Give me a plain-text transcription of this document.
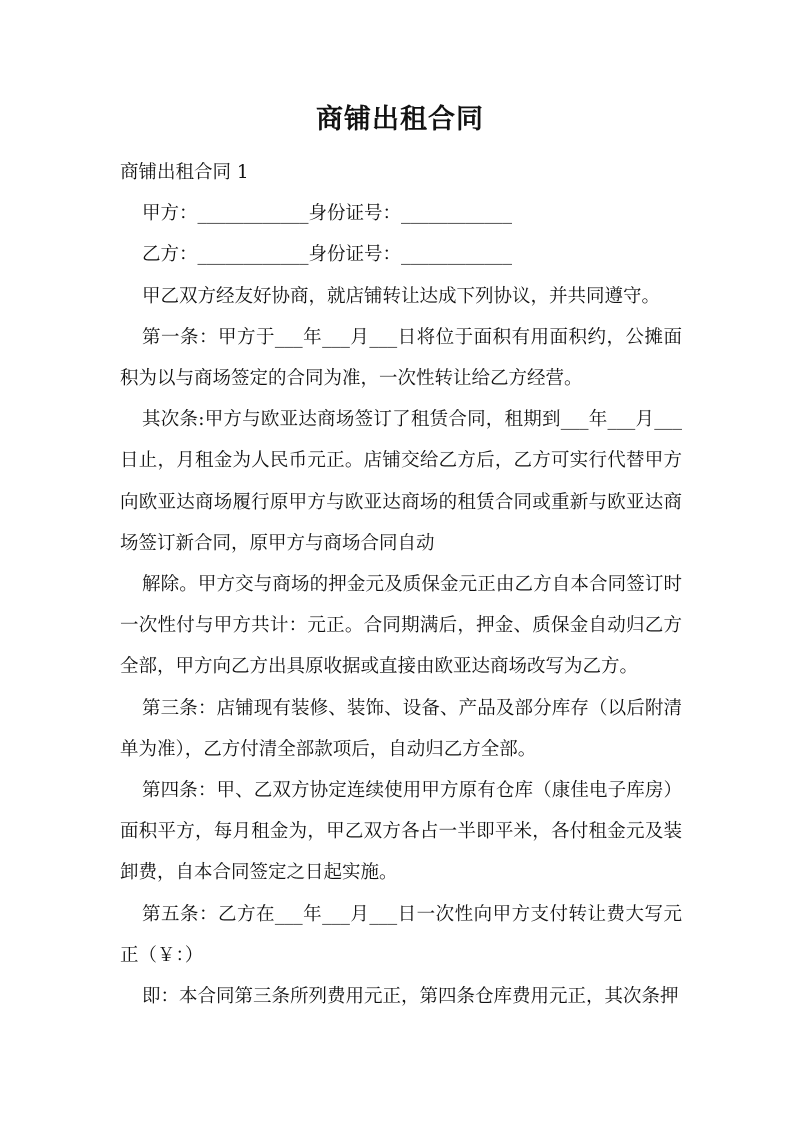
商铺出租合同

商铺出租合同 1

甲方：____________身份证号：____________

乙方：____________身份证号：____________

甲乙双方经友好协商，就店铺转让达成下列协议，并共同遵守。

第一条：甲方于___年___月___日将位于面积有用面积约，公摊面积为以与商场签定的合同为准，一次性转让给乙方经营。

其次条:甲方与欧亚达商场签订了租赁合同，租期到___年___月___日止，月租金为人民币元正。店铺交给乙方后，乙方可实行代替甲方向欧亚达商场履行原甲方与欧亚达商场的租赁合同或重新与欧亚达商场签订新合同，原甲方与商场合同自动

解除。甲方交与商场的押金元及质保金元正由乙方自本合同签订时一次性付与甲方共计：元正。合同期满后，押金、质保金自动归乙方全部，甲方向乙方出具原收据或直接由欧亚达商场改写为乙方。

第三条：店铺现有装修、装饰、设备、产品及部分库存（以后附清单为准），乙方付清全部款项后，自动归乙方全部。

第四条：甲、乙双方协定连续使用甲方原有仓库（康佳电子库房）面积平方，每月租金为，甲乙双方各占一半即平米，各付租金元及装卸费，自本合同签定之日起实施。

第五条：乙方在___年___月___日一次性向甲方支付转让费大写元正（￥：）

即：本合同第三条所列费用元正，第四条仓库费用元正，其次条押
